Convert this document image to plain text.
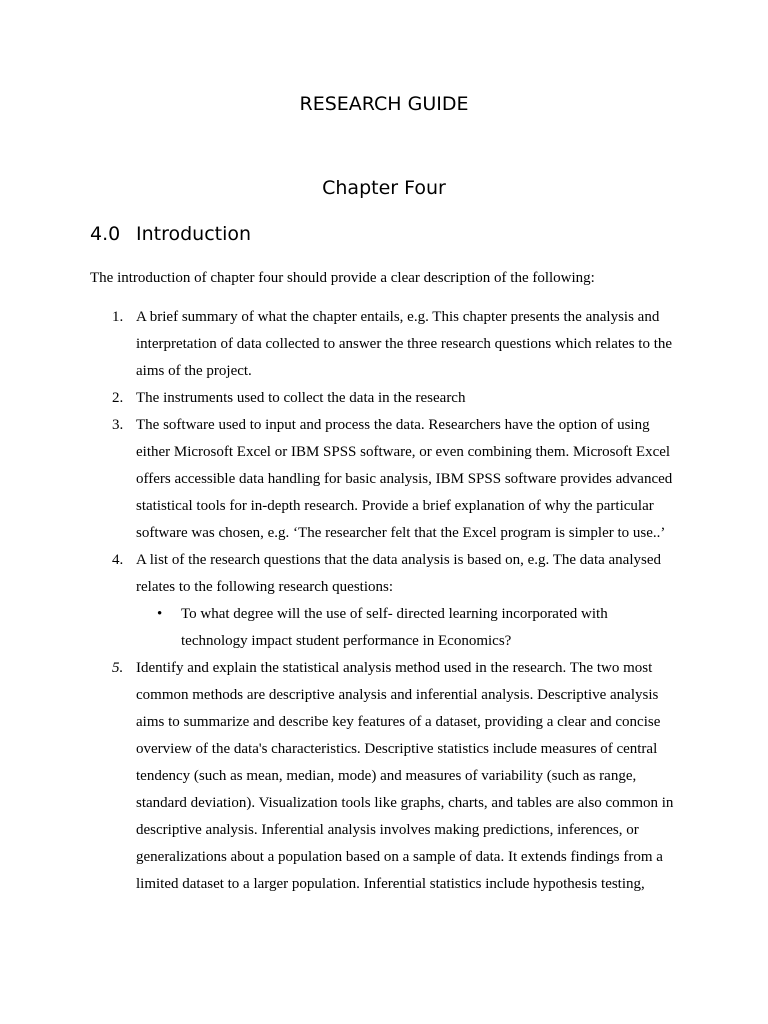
RESEARCH GUIDE
Chapter Four
4.0 Introduction
The introduction of chapter four should provide a clear description of the following:
1. A brief summary of what the chapter entails, e.g. This chapter presents the analysis and
interpretation of data collected to answer the three research questions which relates to the
aims of the project.
2. The instruments used to collect the data in the research
3. The software used to input and process the data. Researchers have the option of using
either Microsoft Excel or IBM SPSS software, or even combining them. Microsoft Excel
offers accessible data handling for basic analysis, IBM SPSS software provides advanced
statistical tools for in-depth research. Provide a brief explanation of why the particular
software was chosen, e.g. ‘The researcher felt that the Excel program is simpler to use..’
4. A list of the research questions that the data analysis is based on, e.g. The data analysed
relates to the following research questions:
• To what degree will the use of self- directed learning incorporated with
technology impact student performance in Economics?
5. Identify and explain the statistical analysis method used in the research. The two most
common methods are descriptive analysis and inferential analysis. Descriptive analysis
aims to summarize and describe key features of a dataset, providing a clear and concise
overview of the data's characteristics. Descriptive statistics include measures of central
tendency (such as mean, median, mode) and measures of variability (such as range,
standard deviation). Visualization tools like graphs, charts, and tables are also common in
descriptive analysis. Inferential analysis involves making predictions, inferences, or
generalizations about a population based on a sample of data. It extends findings from a
limited dataset to a larger population. Inferential statistics include hypothesis testing,
